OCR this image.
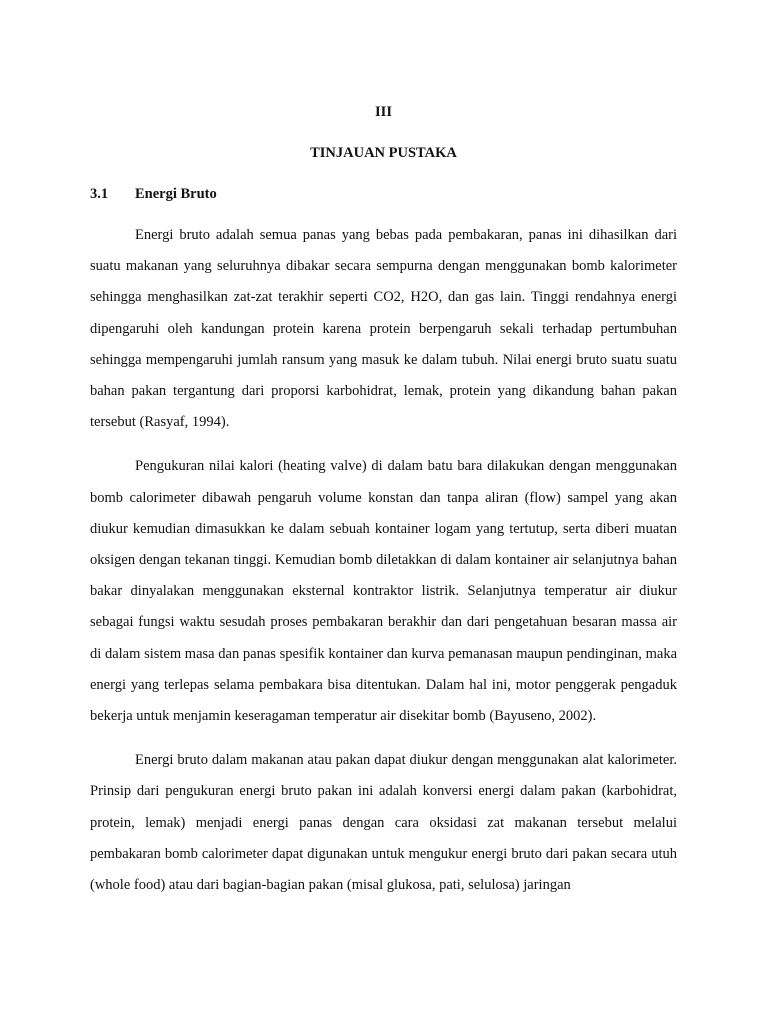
III

TINJAUAN PUSTAKA

3.1	Energi Bruto

Energi bruto adalah semua panas yang bebas pada pembakaran, panas ini dihasilkan dari suatu makanan yang seluruhnya dibakar secara sempurna dengan menggunakan bomb kalorimeter sehingga menghasilkan zat-zat terakhir seperti CO2, H2O, dan gas lain. Tinggi rendahnya energi dipengaruhi oleh kandungan protein karena protein berpengaruh sekali terhadap pertumbuhan sehingga mempengaruhi jumlah ransum yang masuk ke dalam tubuh. Nilai energi bruto suatu suatu bahan pakan tergantung dari proporsi karbohidrat, lemak, protein yang dikandung bahan pakan tersebut (Rasyaf, 1994).

Pengukuran nilai kalori (heating valve) di dalam batu bara dilakukan dengan menggunakan bomb calorimeter dibawah pengaruh volume konstan dan tanpa aliran (flow) sampel yang akan diukur kemudian dimasukkan ke dalam sebuah kontainer logam yang tertutup, serta diberi muatan oksigen dengan tekanan tinggi. Kemudian bomb diletakkan di dalam kontainer air selanjutnya bahan bakar dinyalakan menggunakan eksternal kontraktor listrik. Selanjutnya temperatur air diukur sebagai fungsi waktu sesudah proses pembakaran berakhir dan dari pengetahuan besaran massa air di dalam sistem masa dan panas spesifik kontainer dan kurva pemanasan maupun pendinginan, maka energi yang terlepas selama pembakara bisa ditentukan. Dalam hal ini, motor penggerak pengaduk bekerja untuk menjamin keseragaman temperatur air disekitar bomb (Bayuseno, 2002).

Energi bruto dalam makanan atau pakan dapat diukur dengan menggunakan alat kalorimeter. Prinsip dari pengukuran energi bruto pakan ini adalah konversi energi dalam pakan (karbohidrat, protein, lemak) menjadi energi panas dengan cara oksidasi zat makanan tersebut melalui pembakaran bomb calorimeter dapat digunakan untuk mengukur energi bruto dari pakan secara utuh (whole food) atau dari bagian-bagian pakan (misal glukosa, pati, selulosa) jaringan
